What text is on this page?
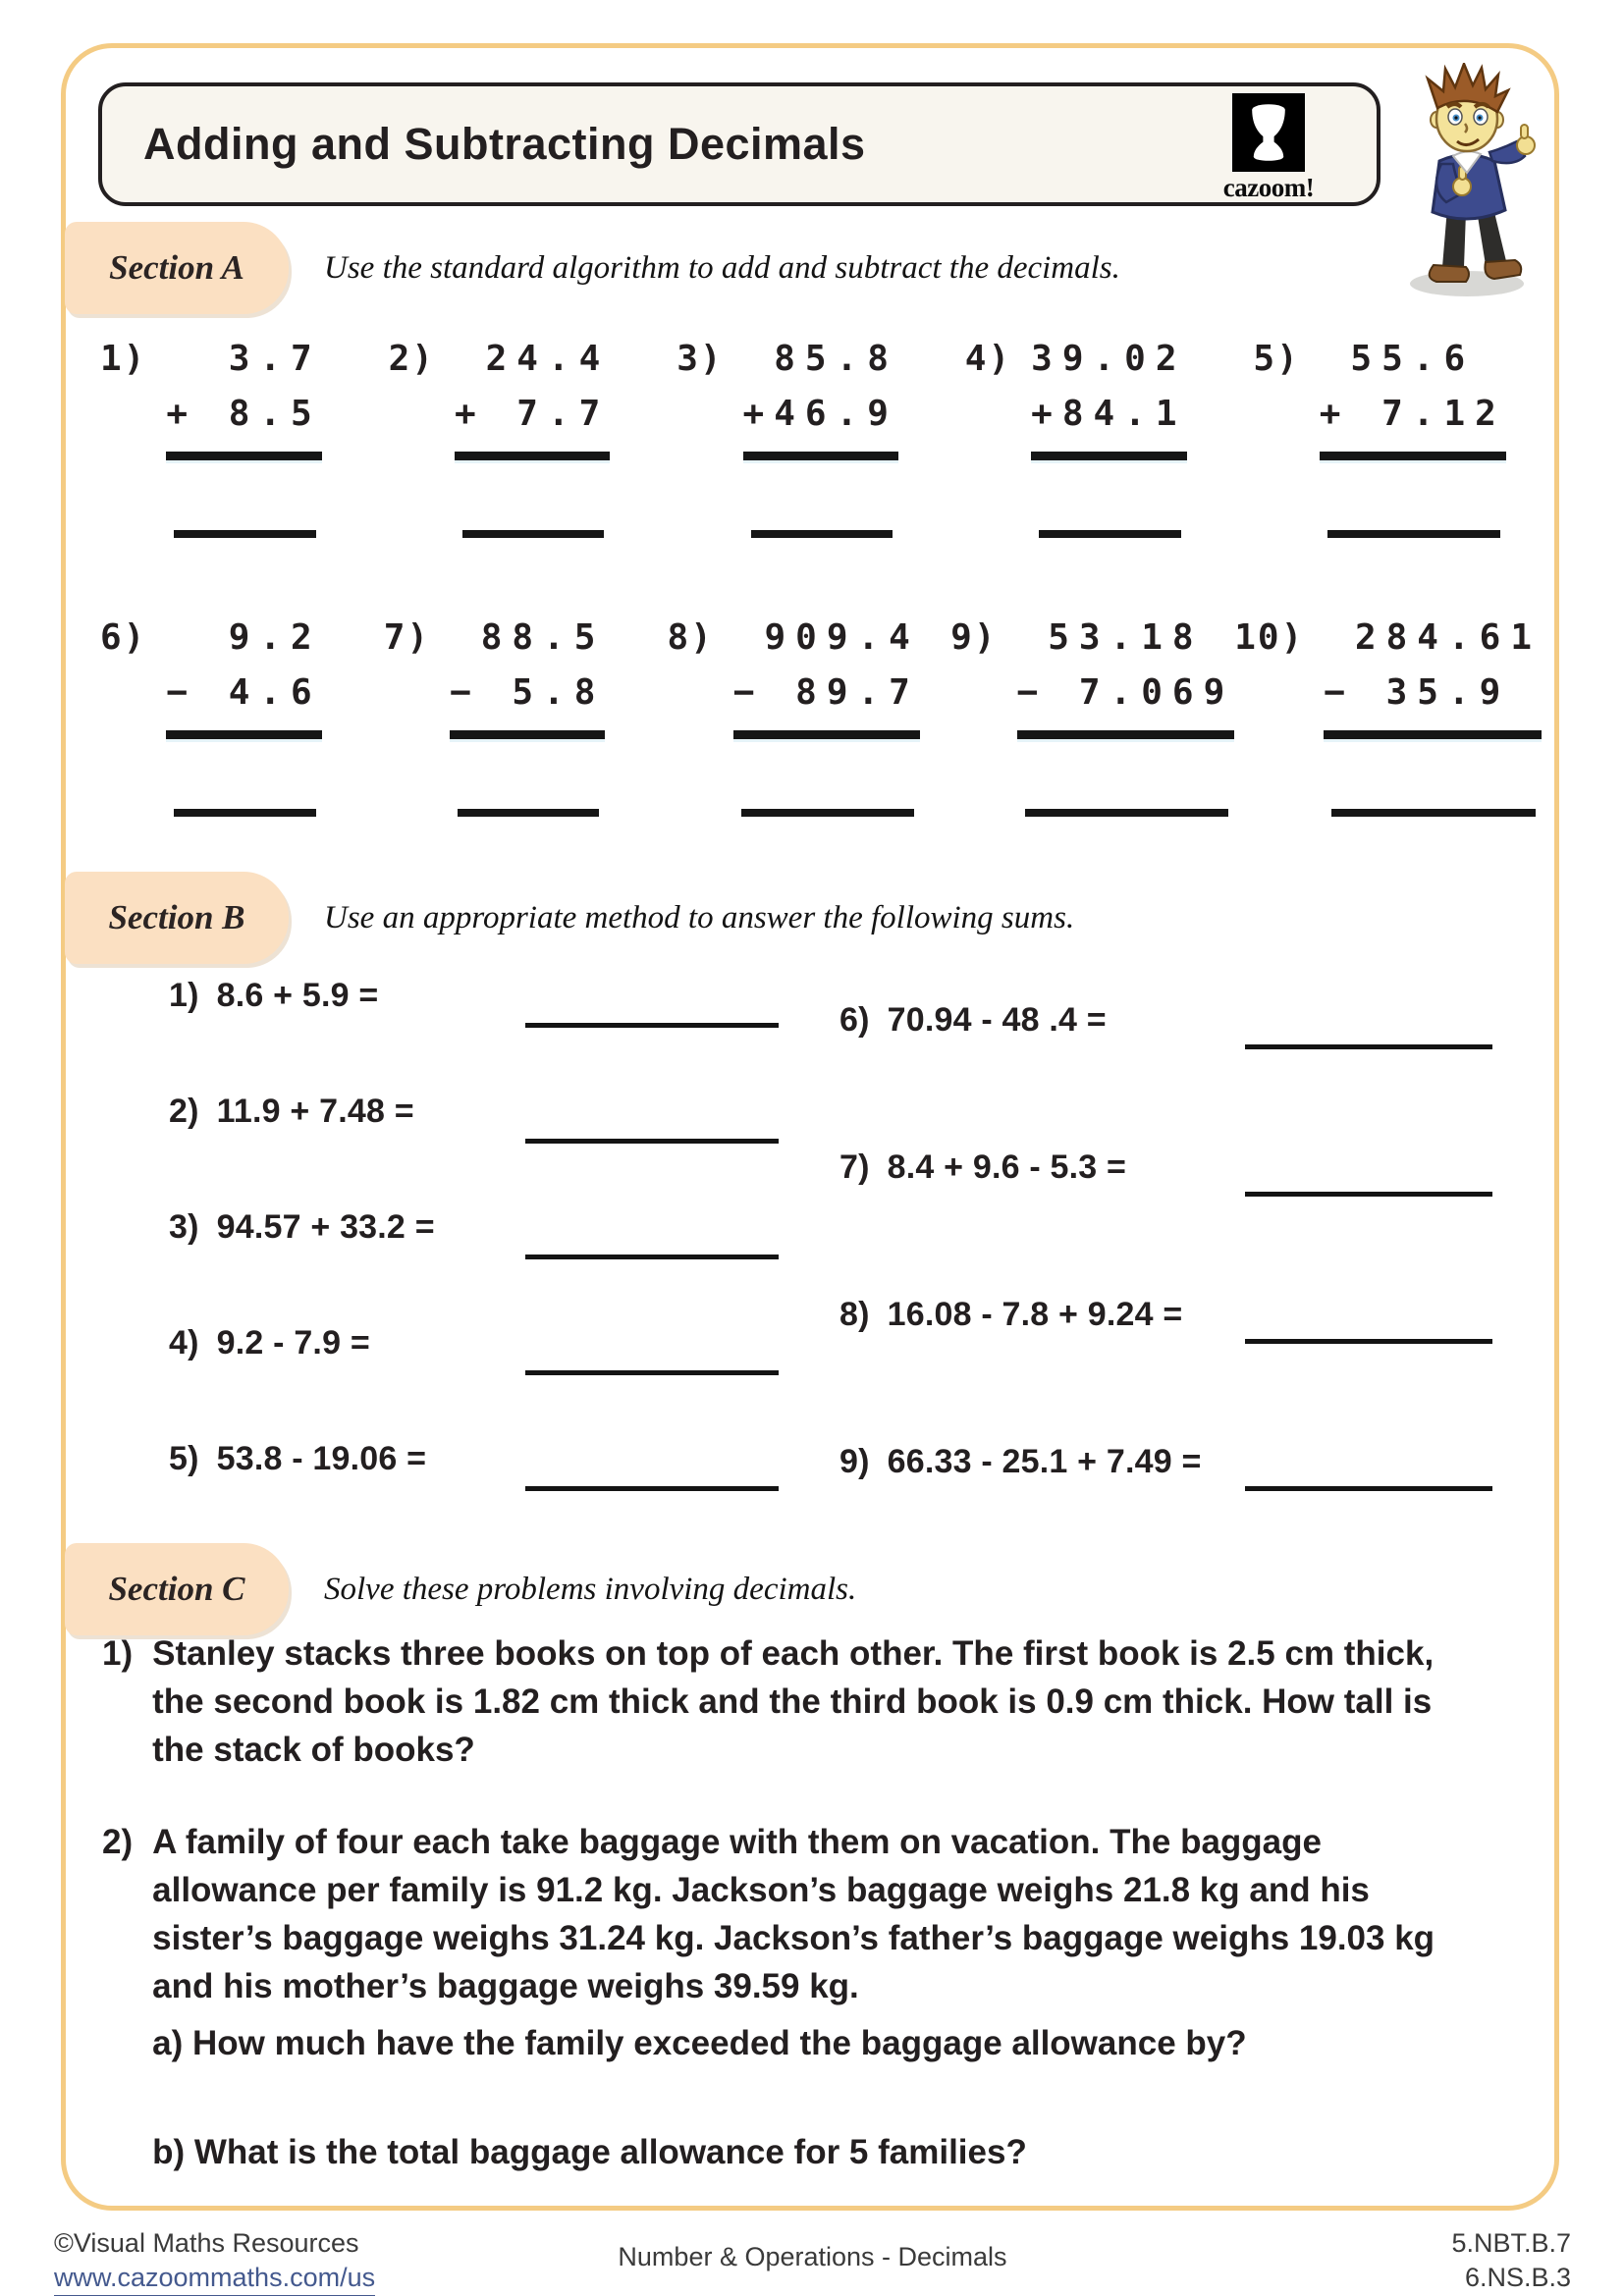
Adding and Subtracting Decimals
cazoom!
Section A Use the standard algorithm to add and subtract the decimals.
1) 3.7
+ 8.5
2) 24.4
+ 7.7
3) 85.8
+46.9
4) 39.02
+84.1
5) 55.6
+ 7.12
6) 9.2
− 4.6
7) 88.5
− 5.8
8) 909.4
− 89.7
9) 53.18
− 7.069
10) 284.61
− 35.9
Section B Use an appropriate method to answer the following sums.
1) 8.6 + 5.9 =
2) 11.9 + 7.48 =
3) 94.57 + 33.2 =
4) 9.2 - 7.9 =
5) 53.8 - 19.06 =
6) 70.94 - 48 .4 =
7) 8.4 + 9.6 - 5.3 =
8) 16.08 - 7.8 + 9.24 =
9) 66.33 - 25.1 + 7.49 =
Section C Solve these problems involving decimals.
1) Stanley stacks three books on top of each other. The first book is 2.5 cm thick, the second book is 1.82 cm thick and the third book is 0.9 cm thick. How tall is the stack of books?

2) A family of four each take baggage with them on vacation. The baggage allowance per family is 91.2 kg. Jackson’s baggage weighs 21.8 kg and his sister’s baggage weighs 31.24 kg. Jackson’s father’s baggage weighs 19.03 kg and his mother’s baggage weighs 39.59 kg.

a) How much have the family exceeded the baggage allowance by?

b) What is the total baggage allowance for 5 families?

©Visual Maths Resources
www.cazoommaths.com/us
Number & Operations - Decimals	5.NBT.B.7
6.NS.B.3
